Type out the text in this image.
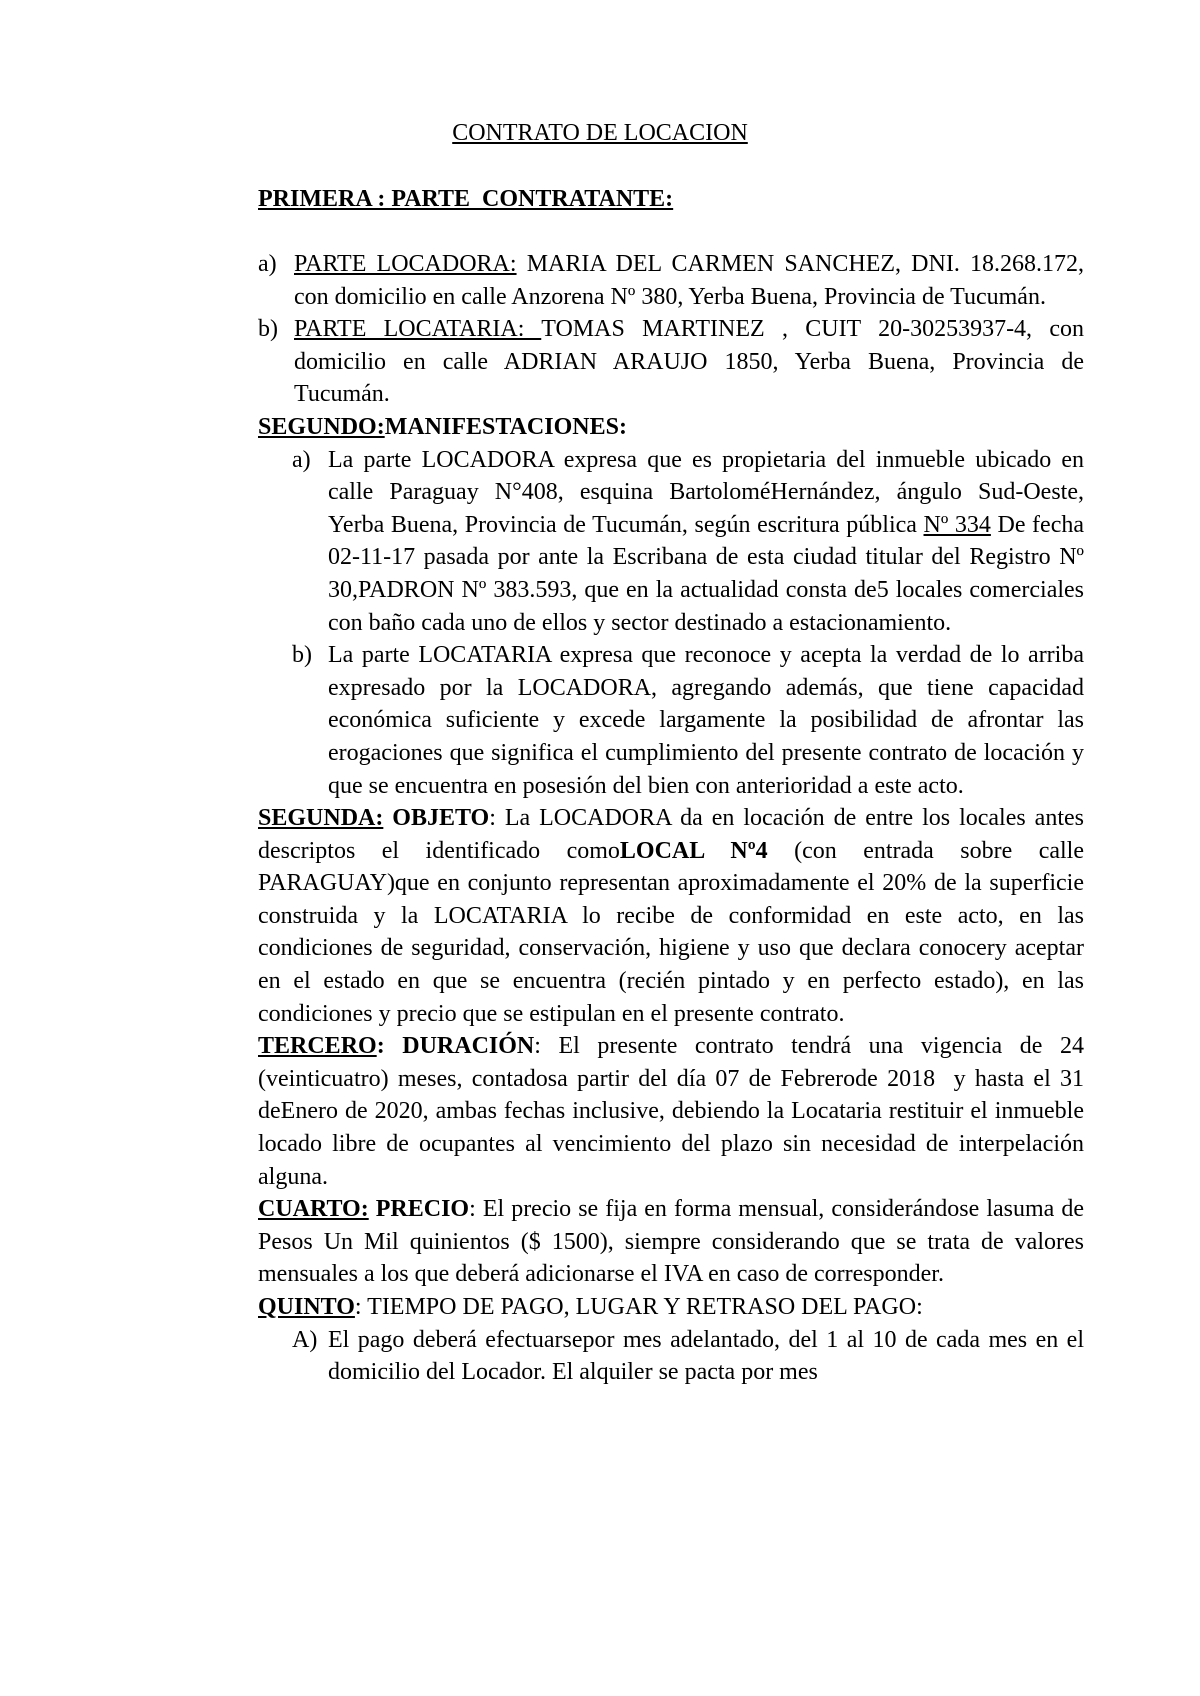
CONTRATO DE LOCACION
PRIMERA : PARTE  CONTRATANTE:
a) PARTE LOCADORA: MARIA DEL CARMEN SANCHEZ, DNI. 18.268.172, con domicilio en calle Anzorena Nº 380, Yerba Buena, Provincia de Tucumán.
b) PARTE LOCATARIA: TOMAS MARTINEZ , CUIT 20-30253937-4, con domicilio en calle ADRIAN ARAUJO 1850, Yerba Buena, Provincia de Tucumán.
SEGUNDO:MANIFESTACIONES:
a) La parte LOCADORA expresa que es propietaria del inmueble ubicado en calle Paraguay N°408, esquina BartoloméHernández, ángulo Sud-Oeste, Yerba Buena, Provincia de Tucumán, según escritura pública Nº 334 De fecha 02-11-17 pasada por ante la Escribana de esta ciudad titular del Registro Nº 30,PADRON Nº 383.593, que en la actualidad consta de5 locales comerciales con baño cada uno de ellos y sector destinado a estacionamiento.
b) La parte LOCATARIA expresa que reconoce y acepta la verdad de lo arriba expresado por la LOCADORA, agregando además, que tiene capacidad económica suficiente y excede largamente la posibilidad de afrontar las erogaciones que significa el cumplimiento del presente contrato de locación y que se encuentra en posesión del bien con anterioridad a este acto.
SEGUNDA: OBJETO: La LOCADORA da en locación de entre los locales antes descriptos el identificado comoLOCAL Nº4 (con entrada sobre calle PARAGUAY)que en conjunto representan aproximadamente el 20% de la superficie construida y la LOCATARIA lo recibe de conformidad en este acto, en las condiciones de seguridad, conservación, higiene y uso que declara conocery aceptar en el estado en que se encuentra (recién pintado y en perfecto estado), en las condiciones y precio que se estipulan en el presente contrato.
TERCERO: DURACIÓN: El presente contrato tendrá una vigencia de 24 (veinticuatro) meses, contadosa partir del día 07 de Febrerode 2018  y hasta el 31 deEnero de 2020, ambas fechas inclusive, debiendo la Locataria restituir el inmueble locado libre de ocupantes al vencimiento del plazo sin necesidad de interpelación alguna.
CUARTO: PRECIO: El precio se fija en forma mensual, considerándose lasuma de Pesos Un Mil quinientos ($ 1500), siempre considerando que se trata de valores mensuales a los que deberá adicionarse el IVA en caso de corresponder.
QUINTO: TIEMPO DE PAGO, LUGAR Y RETRASO DEL PAGO:
A) El pago deberá efectuarsepor mes adelantado, del 1 al 10 de cada mes en el domicilio del Locador. El alquiler se pacta por mes
